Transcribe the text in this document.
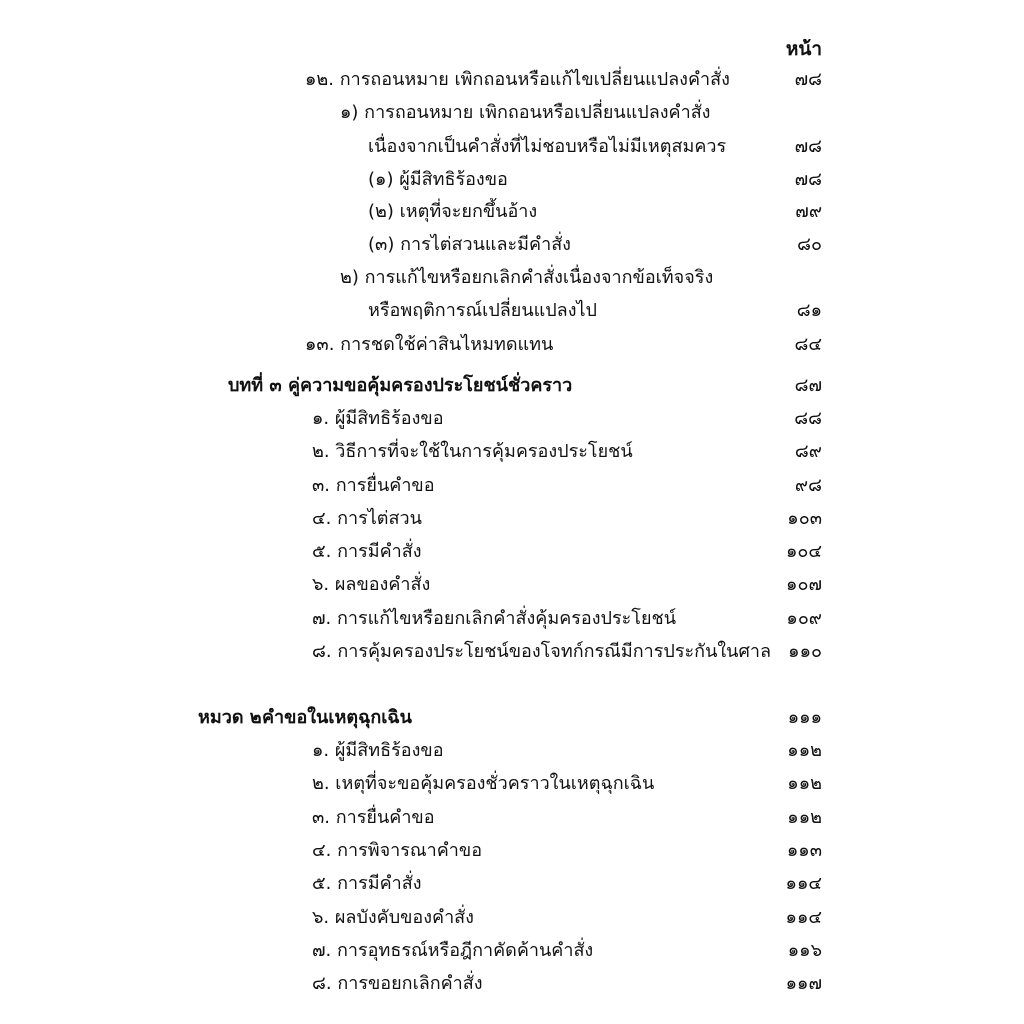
หน้า
๑๒. การถอนหมาย เพิกถอนหรือแก้ไขเปลี่ยนแปลงคำสั่ง	๗๘
๑) การถอนหมาย เพิกถอนหรือเปลี่ยนแปลงคำสั่ง
เนื่องจากเป็นคำสั่งที่ไม่ชอบหรือไม่มีเหตุสมควร	๗๘
(๑) ผู้มีสิทธิร้องขอ	๗๘
(๒) เหตุที่จะยกขึ้นอ้าง	๗๙
(๓) การไต่สวนและมีคำสั่ง	๘๐
๒) การแก้ไขหรือยกเลิกคำสั่งเนื่องจากข้อเท็จจริง
หรือพฤติการณ์เปลี่ยนแปลงไป	๘๑
๑๓. การชดใช้ค่าสินไหมทดแทน	๘๔
บทที่ ๓ คู่ความขอคุ้มครองประโยชน์ชั่วคราว	๘๗
๑. ผู้มีสิทธิร้องขอ	๘๘
๒. วิธีการที่จะใช้ในการคุ้มครองประโยชน์	๘๙
๓. การยื่นคำขอ	๙๘
๔. การไต่สวน	๑๐๓
๕. การมีคำสั่ง	๑๐๔
๖. ผลของคำสั่ง	๑๐๗
๗. การแก้ไขหรือยกเลิกคำสั่งคุ้มครองประโยชน์	๑๐๙
๘. การคุ้มครองประโยชน์ของโจทก์กรณีมีการประกันในศาล ๑๑๐
หมวด ๒ คำขอในเหตุฉุกเฉิน	๑๑๑
๑. ผู้มีสิทธิร้องขอ	๑๑๒
๒. เหตุที่จะขอคุ้มครองชั่วคราวในเหตุฉุกเฉิน	๑๑๒
๓. การยื่นคำขอ	๑๑๒
๔. การพิจารณาคำขอ	๑๑๓
๕. การมีคำสั่ง	๑๑๔
๖. ผลบังคับของคำสั่ง	๑๑๔
๗. การอุทธรณ์หรือฎีกาคัดค้านคำสั่ง	๑๑๖
๘. การขอยกเลิกคำสั่ง	๑๑๗
